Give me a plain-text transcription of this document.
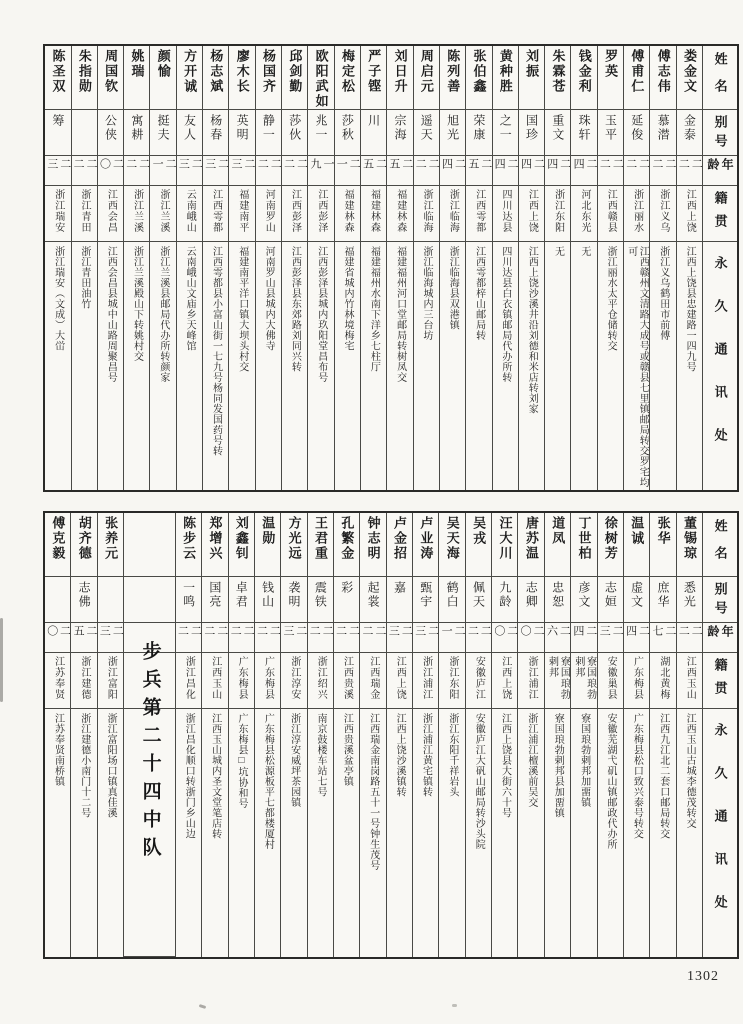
姓名
别号
年龄
籍贯
永久通讯处
娄金文
金泰
二二
江西上饶
江西上饶县忠建路一四九号
傅志伟
慕潜
二二
浙江义乌
浙江义乌鹤田市前傅
傅甫仁
延俊
二二
浙江丽水
江西赣州文清路大成号或赣县七里镇邮局转交罗宅均可
罗英
玉平
二二
江西赣县
浙江丽水太平仓储转交
钱金利
珠轩
二四
河北东光
无
朱霖苍
重文
二四
浙江东阳
无
刘振
国珍
二四
江西上饶
江西上饶沙溪井沿刘德和米店转刘家
黄种胜
之一
二四
四川达县
四川达县白衣镇邮局代办所转
张伯鑫
荣康
二五
江西雩都
江西雩都梓山邮局转
陈列善
旭光
二四
浙江临海
浙江临海县双港镇
周启元
遥天
二二
浙江临海
浙江临海城内三台坊
刘日升
宗海
二五
福建林森
福建福州河口堂邮局转树凤交
严子铿
川
二五
福建林森
福建福州水南下洋乡七柱厅
梅定松
莎秋
二一
福建林森
福建省城内竹林境梅宅
欧阳武如
兆一
一九
江西彭泽
江西彭泽县城内玖阳堂昌布号
邱剑勤
莎伙
二二
江西彭泽
江西彭泽县东郊路刘同兴转
杨国齐
静一
二二
河南罗山
河南罗山县城内大佛寺
廖木长
英明
二三
福建南平
福建南平洋口镇大坝头村交
杨志斌
杨春
二三
江西雩都
江西雩都县小富山街一七九号杨同发国药号转
方开诚
友人
二三
云南峨山
云南峨山文庙乡天峰馆
颜愉
挺夫
二一
浙江兰溪
浙江兰溪县邮局代办所转颜家
姚瑞
寓耕
二二
浙江兰溪
浙江兰溪殿山下转姚村交
周国钦
公侠
二〇
江西会昌
江西会昌县城中山路周聚昌号
朱指勋
二二
浙江青田
浙江青田油竹
陈圣双
筹
二三
浙江瑞安
浙江瑞安（文成）大峃
姓名
别号
年龄
籍贯
永久通讯处
董锡琼
悉光
二二
江西玉山
江西玉山古城李德茂转交
张华
庶华
二七
湖北黄梅
江西九江北二套口邮局转交
温诚
虚文
二四
广东梅县
广东梅县松口致兴泰号转交
徐树芳
志姮
二三
安徽巢县
安徽芜湖弋矶山镇邮政代办所
丁世柏
彦文
二四
寮国琅勃剌邦
寮国琅勃剌邦加畱镇
道凤
忠恕
二六
寮国琅勃剌邦
寮国琅勃剌邦县加畱镇
唐苏温
志卿
二〇
浙江浦江
浙江浦江檀溪前吴交
汪大川
九龄
二〇
江西上饶
江西上饶县大街六十号
吴戎
佩天
二二
安徽庐江
安徽庐江大矾山邮局转沙头院
吴天海
鹤白
二一
浙江东阳
浙江东阳千祥岩头
卢业涛
甄宇
二三
浙江浦江
浙江浦江黄宅镇转
卢金招
嘉
二三
江西上饶
江西上饶沙溪镇转
钟志明
起裳
二二
江西瑞金
江西瑞金南岗路五十一号钟生茂号
孔繁金
彩
二二
江西贵溪
江西贵溪盆亭镇
王君重
震铁
二二
浙江绍兴
南京鼓楼车站七号
方光远
袭明
二三
浙江淳安
浙江淳安威坪茶园镇
温勋
钱山
二二
广东梅县
广东梅县松源板平七都楼厦村
刘鑫钊
卓君
二二
广东梅县
广东梅县□坑协和号
郑增兴
国亮
二二
江西玉山
江西玉山城内圣文堂笔店转
陈步云
一鸣
二二
浙江昌化
浙江昌化顺口转浙门乡山边
步兵第二十四中队
张养元
二三
浙江富阳
浙江富阳场口镇真佳溪
胡齐德
志佛
二五
浙江建德
浙江建德小南门十二号
傅克毅
二〇
江苏奉贤
江苏奉贤南桥镇
1302
